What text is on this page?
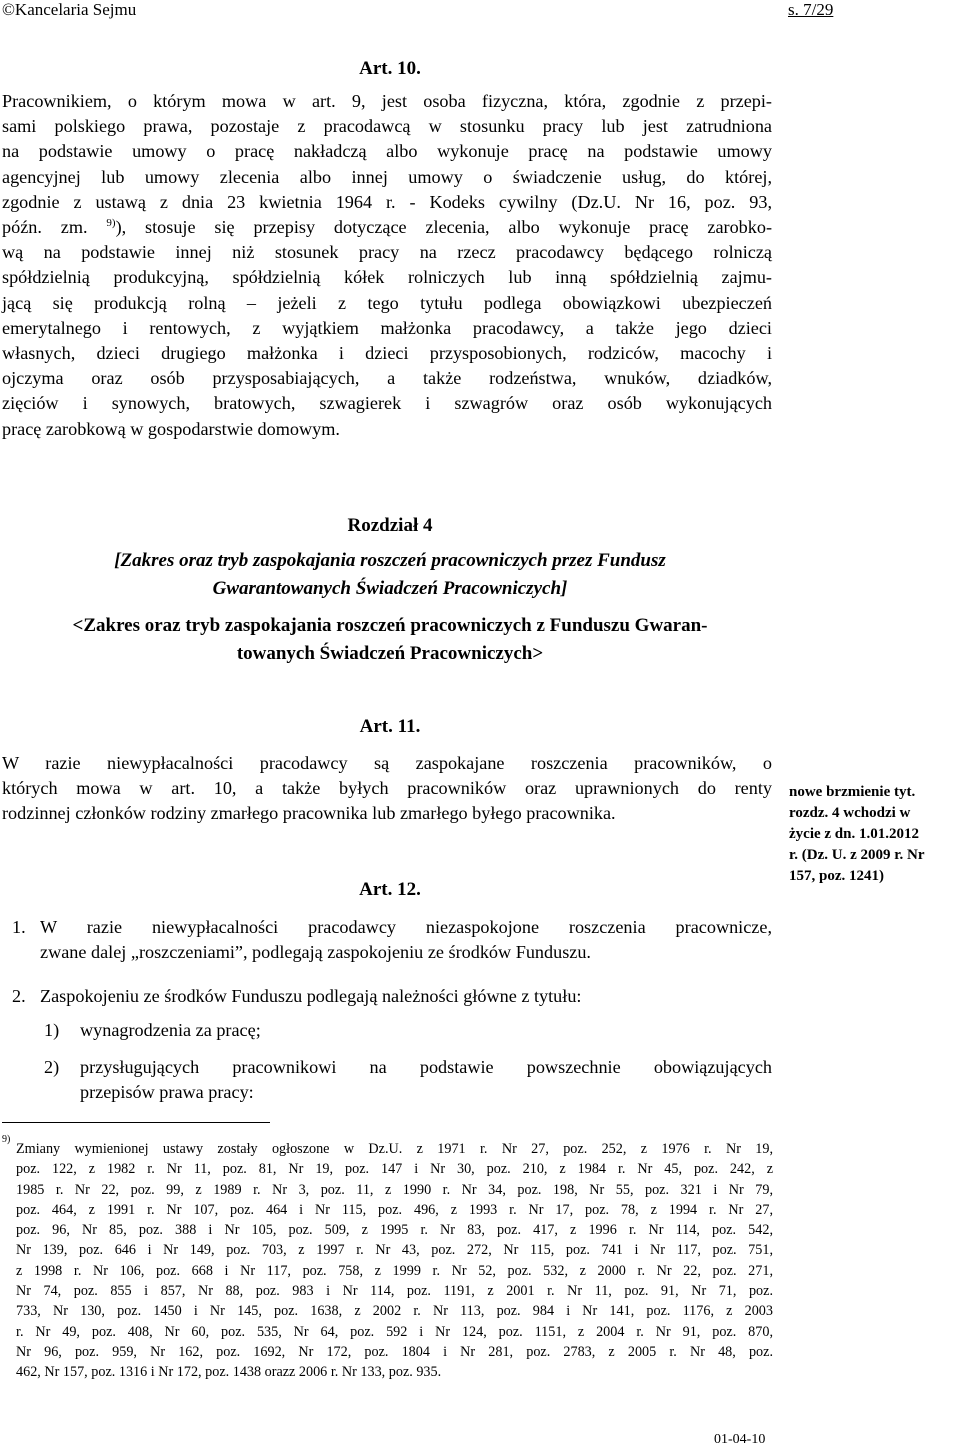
©Kancelaria Sejmu	s. 7/29
Art. 10.
Pracownikiem, o którym mowa w art. 9, jest osoba fizyczna, która, zgodnie z przepi-
sami polskiego prawa, pozostaje z pracodawcą w stosunku pracy lub jest zatrudniona
na podstawie umowy o pracę nakładczą albo wykonuje pracę na podstawie umowy
agencyjnej lub umowy zlecenia albo innej umowy o świadczenie usług, do której,
zgodnie z ustawą z dnia 23 kwietnia 1964 r. - Kodeks cywilny (Dz.U. Nr 16, poz. 93,
późn. zm. $^{9)}$), stosuje się przepisy dotyczące zlecenia, albo wykonuje pracę zarobko-
wą na podstawie innej niż stosunek pracy na rzecz pracodawcy będącego rolniczą
spółdzielnią produkcyjną, spółdzielnią kółek rolniczych lub inną spółdzielnią zajmu-
jącą się produkcją rolną – jeżeli z tego tytułu podlega obowiązkowi ubezpieczeń
emerytalnego i rentowych, z wyjątkiem małżonka pracodawcy, a także jego dzieci
własnych, dzieci drugiego małżonka i dzieci przysposobionych, rodziców, macochy i
ojczyma oraz osób przysposabiających, a także rodzeństwa, wnuków, dziadków,
zięciów i synowych, bratowych, szwagierek i szwagrów oraz osób wykonujących
pracę zarobkową w gospodarstwie domowym.
Rozdział 4
[Zakres oraz tryb zaspokajania roszczeń pracowniczych przez Fundusz
Gwarantowanych Świadczeń Pracowniczych]
<Zakres oraz tryb zaspokajania roszczeń pracowniczych z Funduszu Gwaran-
towanych Świadczeń Pracowniczych>
Art. 11.
W razie niewypłacalności pracodawcy są zaspokajane roszczenia pracowników, o
których mowa w art. 10, a także byłych pracowników oraz uprawnionych do renty
rodzinnej członków rodziny zmarłego pracownika lub zmarłego byłego pracownika.
nowe brzmienie tyt.
rozdz. 4 wchodzi w
życie z dn. 1.01.2012
r. (Dz. U. z 2009 r. Nr
157, poz. 1241)
Art. 12.
1. W razie niewypłacalności pracodawcy niezaspokojone roszczenia pracownicze,
zwane dalej „roszczeniami”, podlegają zaspokojeniu ze środków Funduszu.
2. Zaspokojeniu ze środków Funduszu podlegają należności główne z tytułu:
1) wynagrodzenia za pracę;
2) przysługujących pracownikowi na podstawie powszechnie obowiązujących
przepisów prawa pracy:
9)
Zmiany wymienionej ustawy zostały ogłoszone w Dz.U. z 1971 r. Nr 27, poz. 252, z 1976 r. Nr 19,
poz. 122, z 1982 r. Nr 11, poz. 81, Nr 19, poz. 147 i Nr 30, poz. 210, z 1984 r. Nr 45, poz. 242, z
1985 r. Nr 22, poz. 99, z 1989 r. Nr 3, poz. 11, z 1990 r. Nr 34, poz. 198, Nr 55, poz. 321 i Nr 79,
poz. 464, z 1991 r. Nr 107, poz. 464 i Nr 115, poz. 496, z 1993 r. Nr 17, poz. 78, z 1994 r. Nr 27,
poz. 96, Nr 85, poz. 388 i Nr 105, poz. 509, z 1995 r. Nr 83, poz. 417, z 1996 r. Nr 114, poz. 542,
Nr 139, poz. 646 i Nr 149, poz. 703, z 1997 r. Nr 43, poz. 272, Nr 115, poz. 741 i Nr 117, poz. 751,
z 1998 r. Nr 106, poz. 668 i Nr 117, poz. 758, z 1999 r. Nr 52, poz. 532, z 2000 r. Nr 22, poz. 271,
Nr 74, poz. 855 i 857, Nr 88, poz. 983 i Nr 114, poz. 1191, z 2001 r. Nr 11, poz. 91, Nr 71, poz.
733, Nr 130, poz. 1450 i Nr 145, poz. 1638, z 2002 r. Nr 113, poz. 984 i Nr 141, poz. 1176, z 2003
r. Nr 49, poz. 408, Nr 60, poz. 535, Nr 64, poz. 592 i Nr 124, poz. 1151, z 2004 r. Nr 91, poz. 870,
Nr 96, poz. 959, Nr 162, poz. 1692, Nr 172, poz. 1804 i Nr 281, poz. 2783, z 2005 r. Nr 48, poz.
462, Nr 157, poz. 1316 i Nr 172, poz. 1438 orazz 2006 r. Nr 133, poz. 935.
01-04-10
